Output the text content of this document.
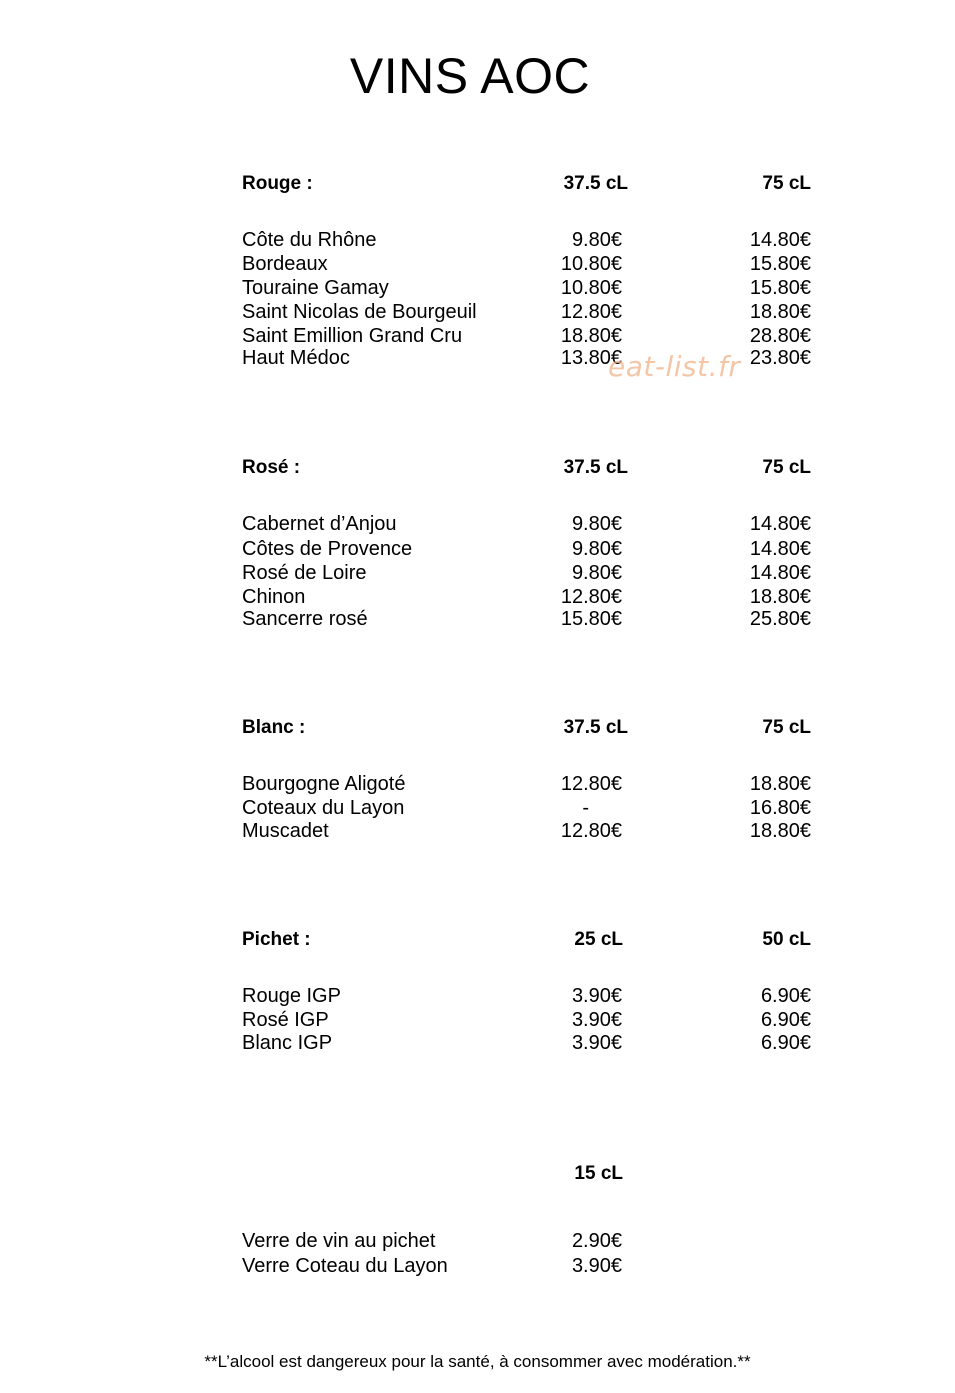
VINS AOC
Rouge :	37.5 cL	75 cL
Côte du Rhône	9.80€	14.80€
Bordeaux	10.80€	15.80€
Touraine Gamay	10.80€	15.80€
Saint Nicolas de Bourgeuil	12.80€	18.80€
Saint Emillion Grand Cru	18.80€	28.80€
Haut Médoc	13.80€	23.80€
eat-list.fr
Rosé :	37.5 cL	75 cL
Cabernet d’Anjou	9.80€	14.80€
Côtes de Provence	9.80€	14.80€
Rosé de Loire	9.80€	14.80€
Chinon	12.80€	18.80€
Sancerre rosé	15.80€	25.80€
Blanc :	37.5 cL	75 cL
Bourgogne Aligoté	12.80€	18.80€
Coteaux du Layon	-	16.80€
Muscadet	12.80€	18.80€
Pichet :	25 cL	50 cL
Rouge IGP	3.90€	6.90€
Rosé IGP	3.90€	6.90€
Blanc IGP	3.90€	6.90€
15 cL
Verre de vin au pichet	2.90€
Verre Coteau du Layon	3.90€
**L’alcool est dangereux pour la santé, à consommer avec modération.**
